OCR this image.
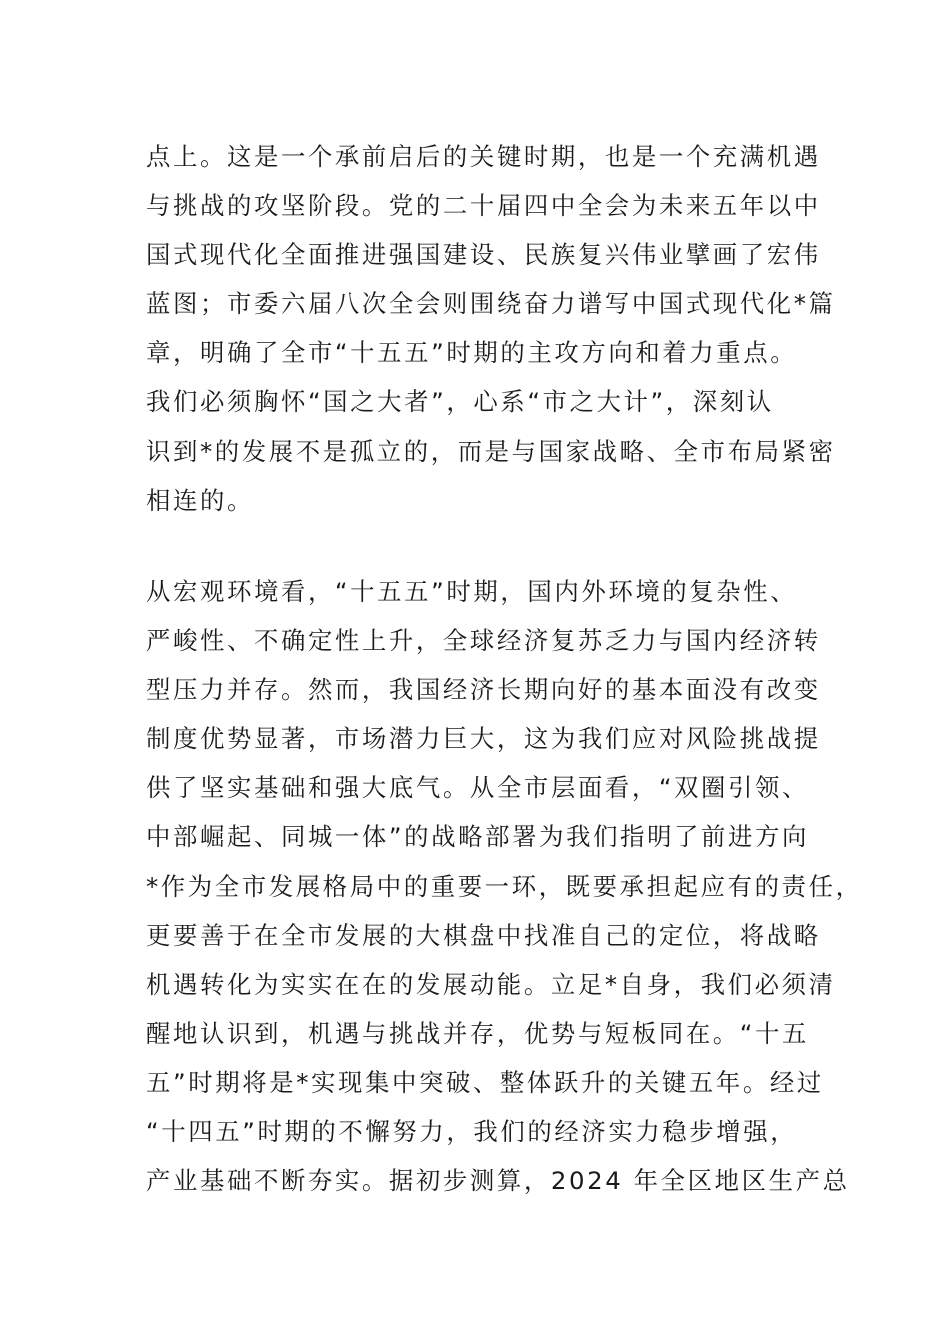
点上。这是一个承前启后的关键时期，也是一个充满机遇
与挑战的攻坚阶段。党的二十届四中全会为未来五年以中
国式现代化全面推进强国建设、民族复兴伟业擘画了宏伟
蓝图；市委六届八次全会则围绕奋力谱写中国式现代化*篇
章，明确了全市“十五五”时期的主攻方向和着力重点。
我们必须胸怀“国之大者”，心系“市之大计”，深刻认
识到*的发展不是孤立的，而是与国家战略、全市布局紧密
相连的。
从宏观环境看，“十五五”时期，国内外环境的复杂性、
严峻性、不确定性上升，全球经济复苏乏力与国内经济转
型压力并存。然而，我国经济长期向好的基本面没有改变
制度优势显著，市场潜力巨大，这为我们应对风险挑战提
供了坚实基础和强大底气。从全市层面看，“双圈引领、
中部崛起、同城一体”的战略部署为我们指明了前进方向
*作为全市发展格局中的重要一环，既要承担起应有的责任，
更要善于在全市发展的大棋盘中找准自己的定位，将战略
机遇转化为实实在在的发展动能。立足*自身，我们必须清
醒地认识到，机遇与挑战并存，优势与短板同在。“十五
五”时期将是*实现集中突破、整体跃升的关键五年。经过
“十四五”时期的不懈努力，我们的经济实力稳步增强，
产业基础不断夯实。据初步测算，2024 年全区地区生产总
